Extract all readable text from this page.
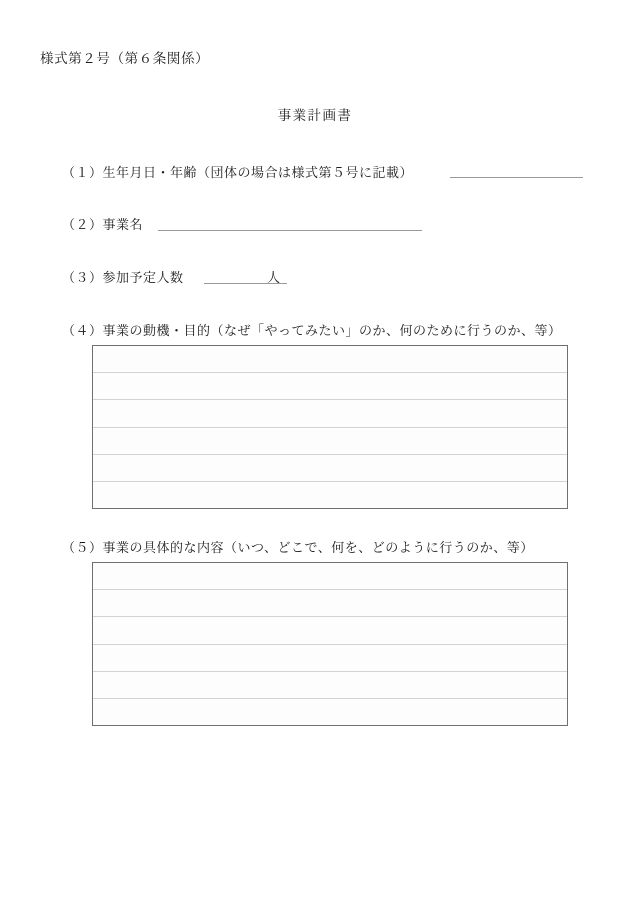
様式第２号（第６条関係）
事業計画書
（１）生年月日・年齢（団体の場合は様式第５号に記載）
（２）事業名
（３）参加予定人数	人
（４）事業の動機・目的（なぜ「やってみたい」のか、何のために行うのか、等）
（５）事業の具体的な内容（いつ、どこで、何を、どのように行うのか、等）
